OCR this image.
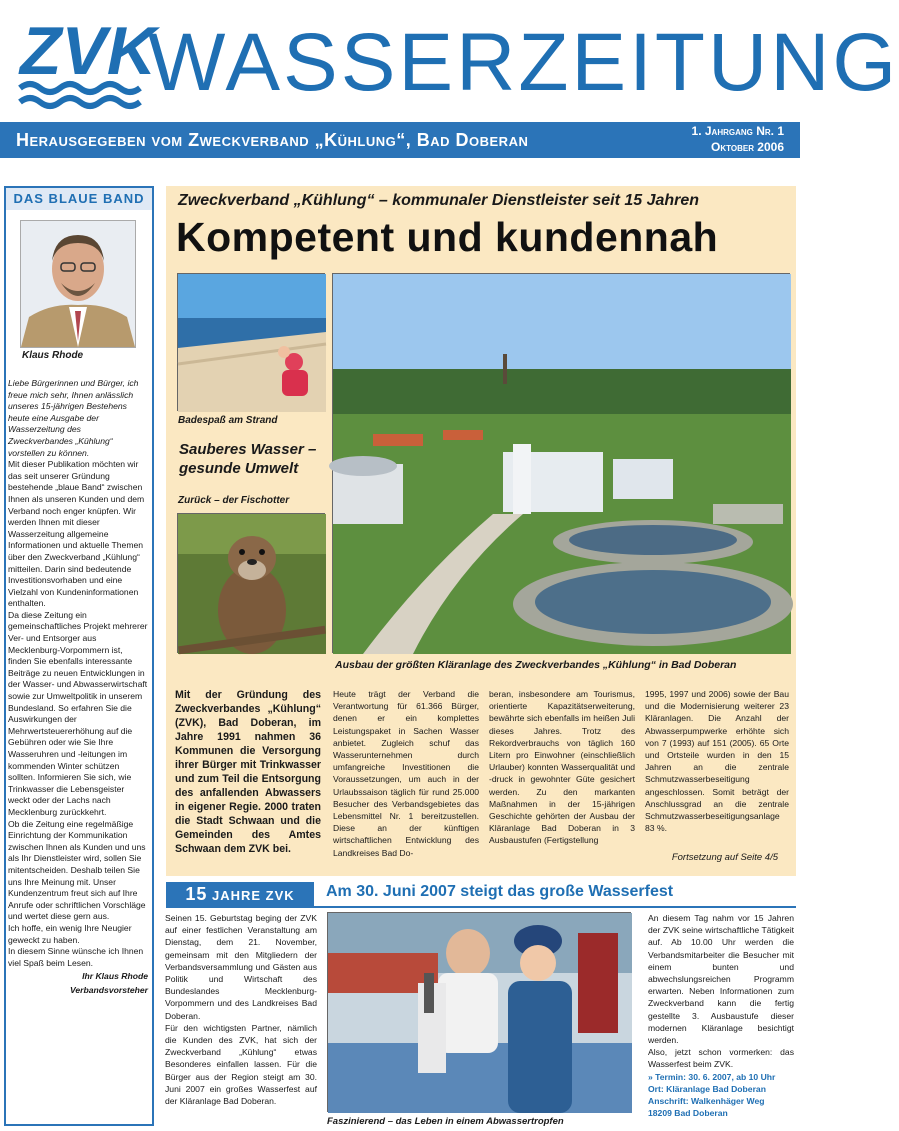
ZVK
WASSERZEITUNG
Herausgegeben vom Zweckverband „Kühlung“, Bad Doberan	1. Jahrgang Nr. 1
Oktober 2006
DAS BLAUE BAND
Klaus Rhode

Liebe Bürgerinnen und Bürger, ich freue mich sehr, Ihnen anlässlich unseres 15-jährigen Bestehens heute eine Ausgabe der Wasserzeitung des Zweckverbandes „Kühlung“ vorstellen zu können.

Mit dieser Publikation möchten wir das seit unserer Gründung bestehende „blaue Band“ zwischen Ihnen als unseren Kunden und dem Verband noch enger knüpfen. Wir werden Ihnen mit dieser Wasserzeitung allgemeine Informationen und aktuelle Themen über den Zweckverband „Kühlung“ mitteilen. Darin sind bedeutende Investitionsvorhaben und eine Vielzahl von Kundeninformationen enthalten.

Da diese Zeitung ein gemeinschaftliches Projekt mehrerer Ver- und Entsorger aus Mecklenburg-Vorpommern ist, finden Sie ebenfalls interessante Beiträge zu neuen Entwicklungen in der Wasser- und Abwasserwirtschaft sowie zur Umweltpolitik in unserem Bundesland. So erfahren Sie die Auswirkungen der Mehrwertsteuererhöhung auf die Gebühren oder wie Sie Ihre Wasseruhren und -leitungen im kommenden Winter schützen sollten. Informieren Sie sich, wie Trinkwasser die Lebensgeister weckt oder der Lachs nach Mecklenburg zurückkehrt.

Ob die Zeitung eine regelmäßige Einrichtung der Kommunikation zwischen Ihnen als Kunden und uns als Ihr Dienstleister wird, sollen Sie mitentscheiden. Deshalb teilen Sie uns Ihre Meinung mit. Unser Kundenzentrum freut sich auf Ihre Anrufe oder schriftlichen Vorschläge und wertet diese gern aus.

Ich hoffe, ein wenig Ihre Neugier geweckt zu haben.

In diesem Sinne wünsche ich Ihnen viel Spaß beim Lesen.

Ihr Klaus Rhode

Verbandsvorsteher

Zweckverband „Kühlung“ – kommunaler Dienstleister seit 15 Jahren
Kompetent und kundennah
Badespaß am Strand
Sauberes Wasser –
gesunde Umwelt
Zurück – der Fischotter
Ausbau der größten Kläranlage des Zweckverbandes „Kühlung“ in Bad Doberan
Mit der Gründung des Zweckverbandes „Kühlung“ (ZVK), Bad Doberan, im Jahre 1991 nahmen 36 Kommunen die Versorgung ihrer Bürger mit Trinkwasser und zum Teil die Entsorgung des anfallenden Abwassers in eigener Regie. 2000 traten die Stadt Schwaan und die Gemeinden des Amtes Schwaan dem ZVK bei.
Heute trägt der Verband die Verantwortung für 61.366 Bürger, denen er ein komplettes Leistungspaket in Sachen Wasser anbietet. Zugleich schuf das Wasserunternehmen durch umfangreiche Investitionen die Voraussetzungen, um auch in der Urlaubssaison täglich für rund 25.000 Besucher des Verbandsgebietes das Lebensmittel Nr. 1 bereitzustellen. Diese an der künftigen wirtschaftlichen Entwicklung des Landkreises Bad Do-
beran, insbesondere am Tourismus, orientierte Kapazitätserweiterung, bewährte sich ebenfalls im heißen Juli dieses Jahres. Trotz des Rekordverbrauchs von täglich 160 Litern pro Einwohner (einschließlich Urlauber) konnten Wasserqualität und -druck in gewohnter Güte gesichert werden. Zu den markanten Maßnahmen in der 15-jährigen Geschichte gehörten der Ausbau der Kläranlage Bad Doberan in 3 Ausbaustufen (Fertigstellung
1995, 1997 und 2006) sowie der Bau und die Modernisierung weiterer 23 Kläranlagen. Die Anzahl der Abwasserpumpwerke erhöhte sich von 7 (1993) auf 151 (2005). 65 Orte und Ortsteile wurden in den 15 Jahren an die zentrale Schmutzwasserbeseitigung angeschlossen. Somit beträgt der Anschlussgrad an die zentrale Schmutzwasserbeseitigungsanlage 83 %.
Fortsetzung auf Seite 4/5
15 JAHRE ZVK	Am 30. Juni 2007 steigt das große Wasserfest
Seinen 15. Geburtstag beging der ZVK auf einer festlichen Veranstaltung am Dienstag, dem 21. November, gemeinsam mit den Mitgliedern der Verbandsversammlung und Gästen aus Politik und Wirtschaft des Bundeslandes Mecklenburg-Vorpommern und des Landkreises Bad Doberan.
Für den wichtigsten Partner, nämlich die Kunden des ZVK, hat sich der Zweckverband „Kühlung“ etwas Besonderes einfallen lassen. Für die Bürger aus der Region steigt am 30. Juni 2007 ein großes Wasserfest auf der Kläranlage Bad Doberan.
Faszinierend – das Leben in einem Abwassertropfen
An diesem Tag nahm vor 15 Jahren der ZVK seine wirtschaftliche Tätigkeit auf. Ab 10.00 Uhr werden die Verbandsmitarbeiter die Besucher mit einem bunten und abwechslungsreichen Programm erwarten. Neben Informationen zum Zweckverband kann die fertig gestellte 3. Ausbaustufe dieser modernen Kläranlage besichtigt werden.
Also, jetzt schon vormerken: das Wasserfest beim ZVK.
» Termin: 30. 6. 2007, ab 10 Uhr
Ort: Kläranlage Bad Doberan
Anschrift: Walkenhäger Weg
18209 Bad Doberan
